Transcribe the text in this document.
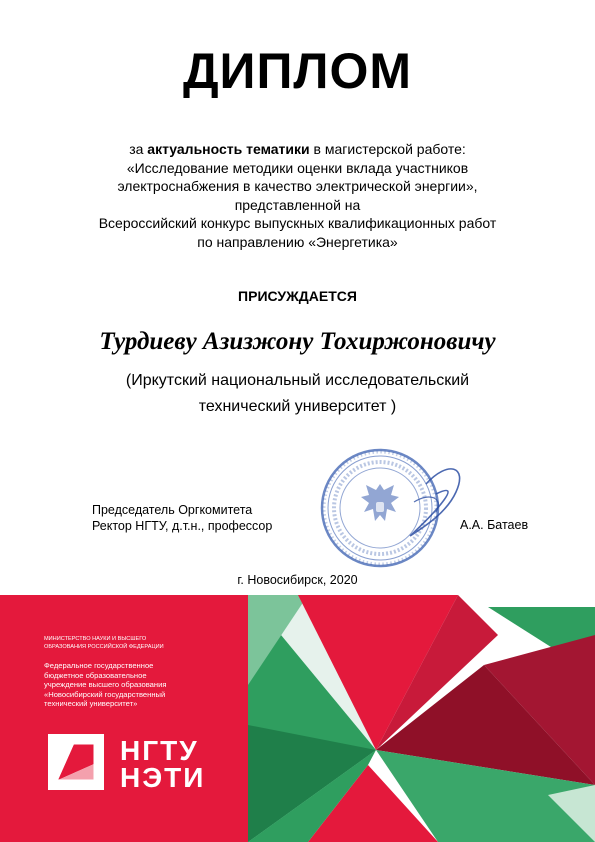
ДИПЛОМ
за актуальность тематики в магистерской работе:
«Исследование методики оценки вклада участников
электроснабжения в качество электрической энергии»,
представленной на
Всероссийский конкурс выпускных квалификационных работ
по направлению «Энергетика»
ПРИСУЖДАЕТСЯ
Турдиеву Азизжону Тохиржоновичу
(Иркутский национальный исследовательский
технический университет )
Председатель Оргкомитета
Ректор НГТУ, д.т.н., профессор	А.А. Батаев
г. Новосибирск, 2020
МИНИСТЕРСТВО НАУКИ И ВЫСШЕГО
ОБРАЗОВАНИЯ РОССИЙСКОЙ ФЕДЕРАЦИИ
Федеральное государственное
бюджетное образовательное
учреждение высшего образования
«Новосибирский государственный
технический университет»
НГТУ
НЭТИ
